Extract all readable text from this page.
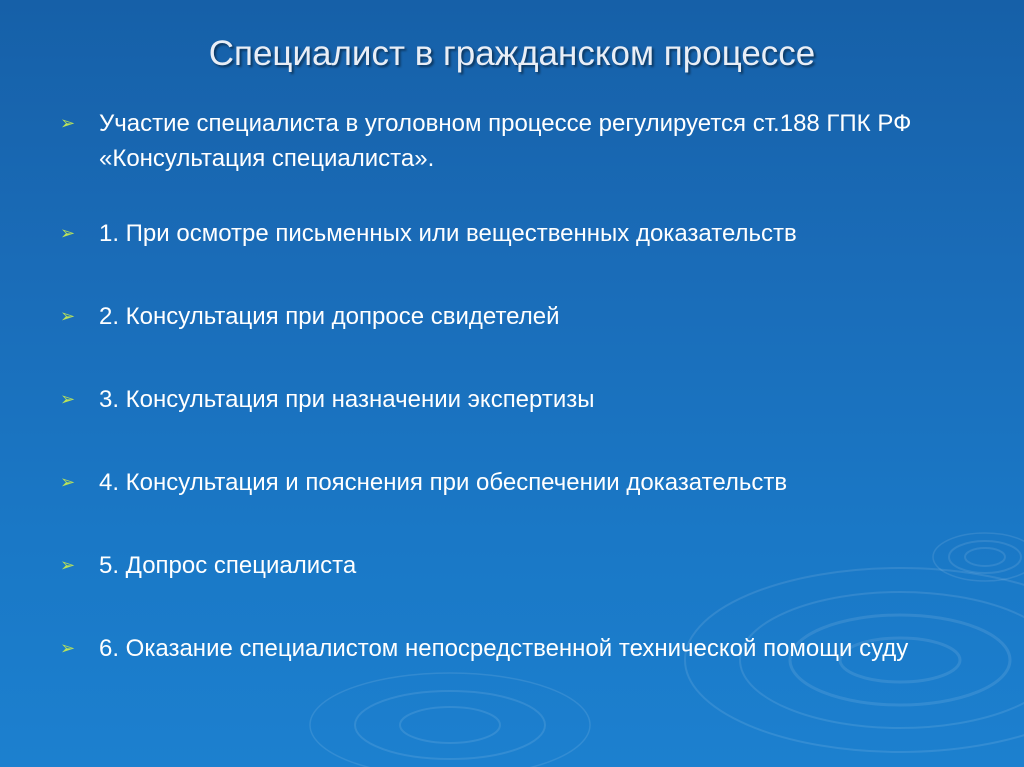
Специалист в гражданском процессе
➢ Участие специалиста в уголовном процессе регулируется ст.188 ГПК РФ «Консультация специалиста».
➢ 1. При осмотре письменных или вещественных доказательств
➢ 2. Консультация при допросе свидетелей
➢ 3. Консультация при назначении экспертизы
➢ 4. Консультация и пояснения при обеспечении доказательств
➢ 5. Допрос специалиста
➢ 6. Оказание специалистом непосредственной технической помощи суду
